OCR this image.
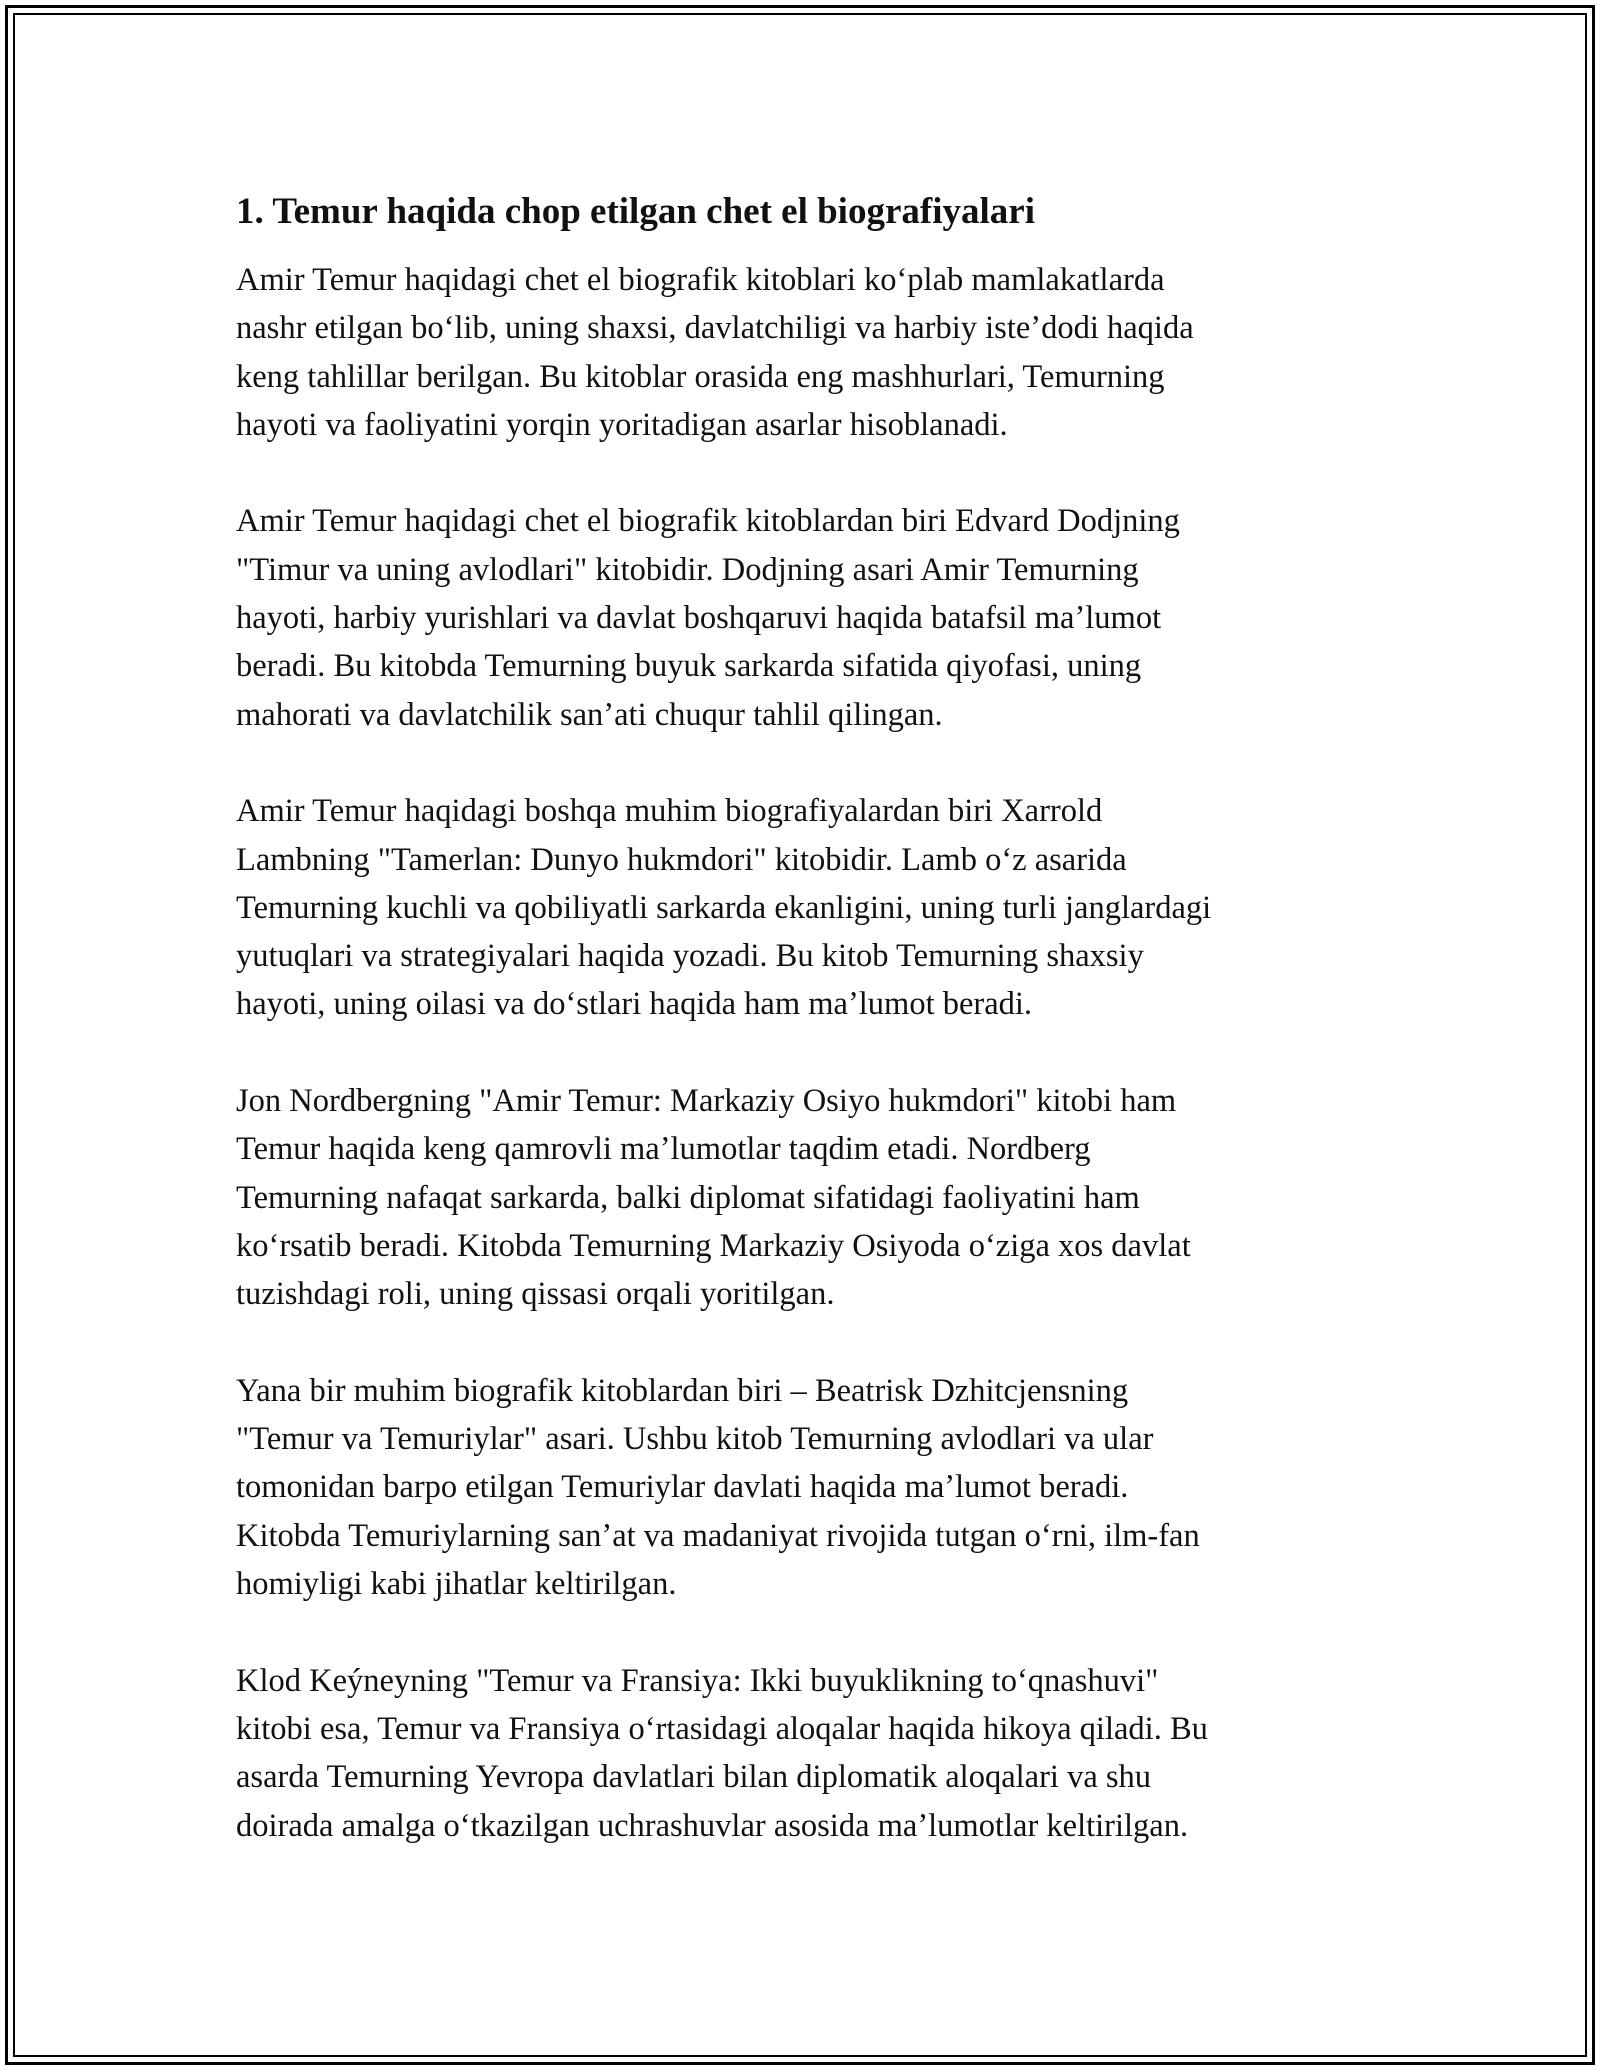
1. Temur haqida chop etilgan chet el biografiyalari

Amir Temur haqidagi chet el biografik kitoblari koʻplab mamlakatlarda
nashr etilgan boʻlib, uning shaxsi, davlatchiligi va harbiy isteʼdodi haqida
keng tahlillar berilgan. Bu kitoblar orasida eng mashhurlari, Temurning
hayoti va faoliyatini yorqin yoritadigan asarlar hisoblanadi.

Amir Temur haqidagi chet el biografik kitoblardan biri Edvard Dodjning
"Timur va uning avlodlari" kitobidir. Dodjning asari Amir Temurning
hayoti, harbiy yurishlari va davlat boshqaruvi haqida batafsil maʼlumot
beradi. Bu kitobda Temurning buyuk sarkarda sifatida qiyofasi, uning
mahorati va davlatchilik sanʼati chuqur tahlil qilingan.

Amir Temur haqidagi boshqa muhim biografiyalardan biri Xarrold
Lambning "Tamerlan: Dunyo hukmdori" kitobidir. Lamb oʻz asarida
Temurning kuchli va qobiliyatli sarkarda ekanligini, uning turli janglardagi
yutuqlari va strategiyalari haqida yozadi. Bu kitob Temurning shaxsiy
hayoti, uning oilasi va doʻstlari haqida ham maʼlumot beradi.

Jon Nordbergning "Amir Temur: Markaziy Osiyo hukmdori" kitobi ham
Temur haqida keng qamrovli maʼlumotlar taqdim etadi. Nordberg
Temurning nafaqat sarkarda, balki diplomat sifatidagi faoliyatini ham
koʻrsatib beradi. Kitobda Temurning Markaziy Osiyoda oʻziga xos davlat
tuzishdagi roli, uning qissasi orqali yoritilgan.

Yana bir muhim biografik kitoblardan biri – Beatrisk Dzhitcjensning
"Temur va Temuriylar" asari. Ushbu kitob Temurning avlodlari va ular
tomonidan barpo etilgan Temuriylar davlati haqida maʼlumot beradi.
Kitobda Temuriylarning sanʼat va madaniyat rivojida tutgan oʻrni, ilm-fan
homiyligi kabi jihatlar keltirilgan.

Klod Keýneyning "Temur va Fransiya: Ikki buyuklikning toʻqnashuvi"
kitobi esa, Temur va Fransiya oʻrtasidagi aloqalar haqida hikoya qiladi. Bu
asarda Temurning Yevropa davlatlari bilan diplomatik aloqalari va shu
doirada amalga oʻtkazilgan uchrashuvlar asosida maʼlumotlar keltirilgan.
